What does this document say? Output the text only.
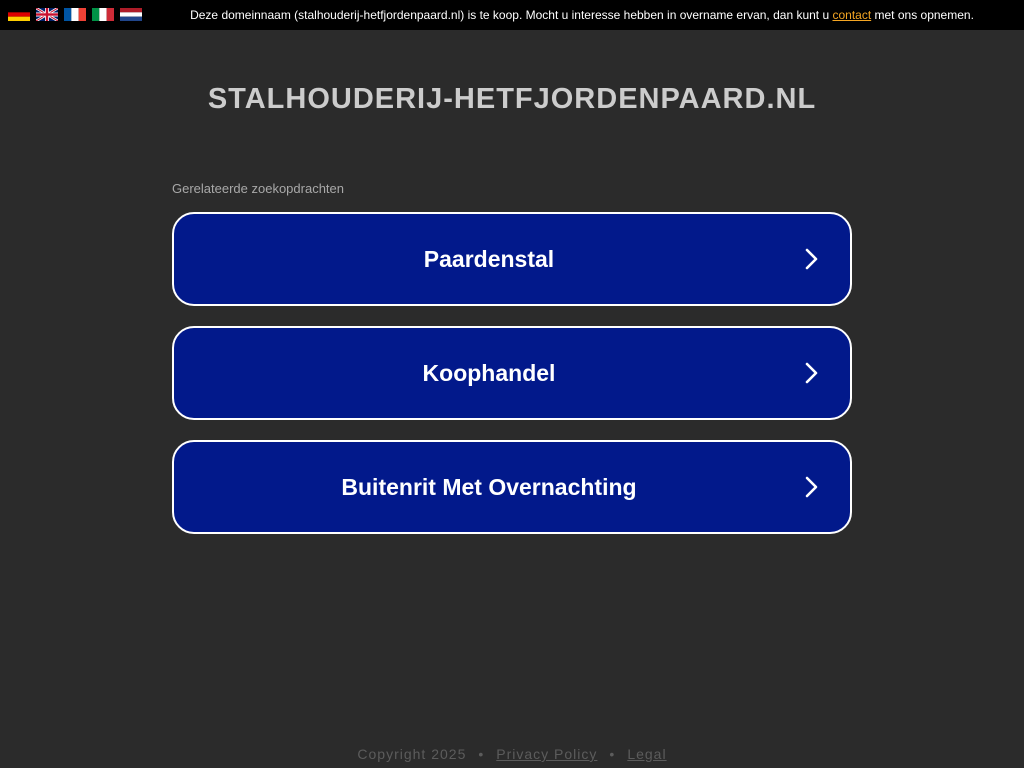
Deze domeinnaam (stalhouderij-hetfjordenpaard.nl) is te koop. Mocht u interesse hebben in overname ervan, dan kunt u contact met ons opnemen.
STALHOUDERIJ-HETFJORDENPAARD.NL
Gerelateerde zoekopdrachten
Paardenstal
Koophandel
Buitenrit Met Overnachting
Copyright 2025 • Privacy Policy • Legal
